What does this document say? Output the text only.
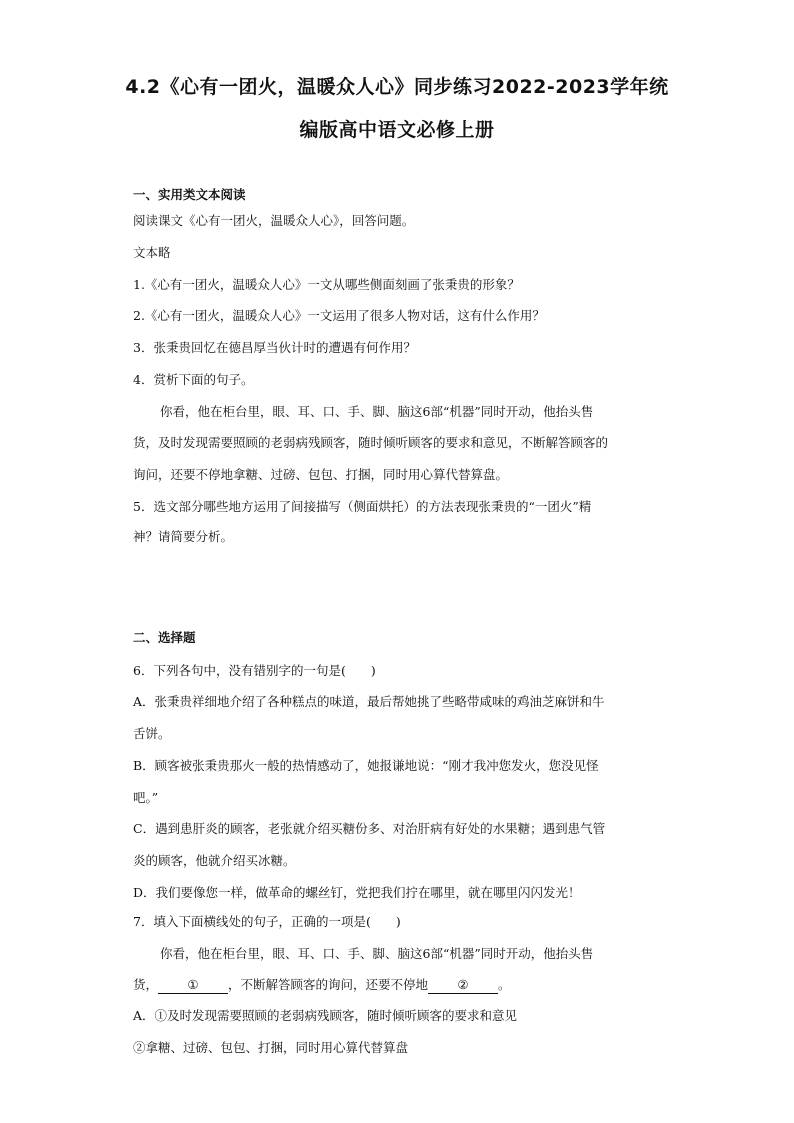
4.2《心有一团火，温暖众人心》同步练习2022-2023学年统
编版高中语文必修上册

一、实用类文本阅读

阅读课文《心有一团火，温暖众人心》，回答问题。

文本略

1.《心有一团火，温暖众人心》一文从哪些侧面刻画了张秉贵的形象？

2.《心有一团火，温暖众人心》一文运用了很多人物对话，这有什么作用？

3．张秉贵回忆在德昌厚当伙计时的遭遇有何作用？

4．赏析下面的句子。

你看，他在柜台里，眼、耳、口、手、脚、脑这6部“机器”同时开动，他抬头售

货，及时发现需要照顾的老弱病残顾客，随时倾听顾客的要求和意见，不断解答顾客的

询问，还要不停地拿糖、过磅、包包、打捆，同时用心算代替算盘。

5．选文部分哪些地方运用了间接描写（侧面烘托）的方法表现张秉贵的“一团火”精

神？请简要分析。

二、选择题

6．下列各句中，没有错别字的一句是(　　)

A．张秉贵祥细地介绍了各种糕点的味道，最后帮她挑了些略带咸味的鸡油芝麻饼和牛

舌饼。

B．顾客被张秉贵那火一般的热情感动了，她报谦地说：“刚才我冲您发火，您没见怪

吧。”

C．遇到患肝炎的顾客，老张就介绍买糖份多、对治肝病有好处的水果糖；遇到患气管

炎的顾客，他就介绍买冰糖。

D．我们要像您一样，做革命的螺丝钉，党把我们拧在哪里，就在哪里闪闪发光！

7．填入下面横线处的句子，正确的一项是(　　)

你看，他在柜台里，眼、耳、口、手、脚、脑这6部“机器”同时开动，他抬头售

货， ① ，不断解答顾客的询问，还要不停地 ② 。

A．①及时发现需要照顾的老弱病残顾客，随时倾听顾客的要求和意见

②拿糖、过磅、包包、打捆，同时用心算代替算盘
